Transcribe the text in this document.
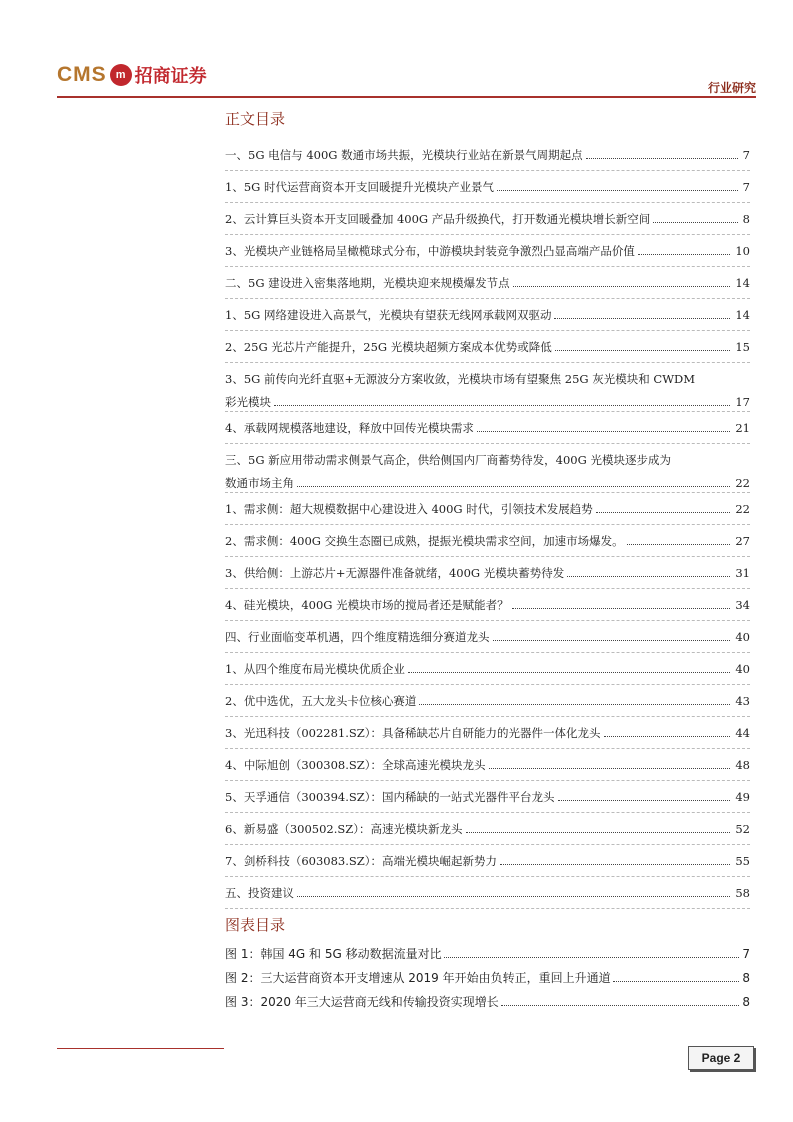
CMS m 招商证券
行业研究
正文目录
一、5G 电信与 400G 数通市场共振，光模块行业站在新景气周期起点	7
1、5G 时代运营商资本开支回暖提升光模块产业景气	7
2、云计算巨头资本开支回暖叠加 400G 产品升级换代，打开数通光模块增长新空间	8
3、光模块产业链格局呈橄榄球式分布，中游模块封装竞争激烈凸显高端产品价值	10
二、5G 建设进入密集落地期，光模块迎来规模爆发节点	14
1、5G 网络建设进入高景气，光模块有望获无线网承载网双驱动	14
2、25G 光芯片产能提升，25G 光模块超频方案成本优势或降低	15
3、5G 前传向光纤直驱+无源波分方案收敛，光模块市场有望聚焦 25G 灰光模块和 CWDM
彩光模块	17
4、承载网规模落地建设，释放中回传光模块需求	21
三、5G 新应用带动需求侧景气高企，供给侧国内厂商蓄势待发，400G 光模块逐步成为
数通市场主角	22
1、需求侧：超大规模数据中心建设进入 400G 时代，引领技术发展趋势	22
2、需求侧：400G 交换生态圈已成熟，提振光模块需求空间，加速市场爆发。	27
3、供给侧：上游芯片+无源器件准备就绪，400G 光模块蓄势待发	31
4、硅光模块，400G 光模块市场的搅局者还是赋能者？	34
四、行业面临变革机遇，四个维度精选细分赛道龙头	40
1、从四个维度布局光模块优质企业	40
2、优中选优，五大龙头卡位核心赛道	43
3、光迅科技（002281.SZ）：具备稀缺芯片自研能力的光器件一体化龙头	44
4、中际旭创（300308.SZ）：全球高速光模块龙头	48
5、天孚通信（300394.SZ）：国内稀缺的一站式光器件平台龙头	49
6、新易盛（300502.SZ）：高速光模块新龙头	52
7、剑桥科技（603083.SZ）：高端光模块崛起新势力	55
五、投资建议	58
图表目录
图 1：韩国 4G 和 5G 移动数据流量对比	7
图 2：三大运营商资本开支增速从 2019 年开始由负转正，重回上升通道	8
图 3：2020 年三大运营商无线和传输投资实现增长	8
Page 2
